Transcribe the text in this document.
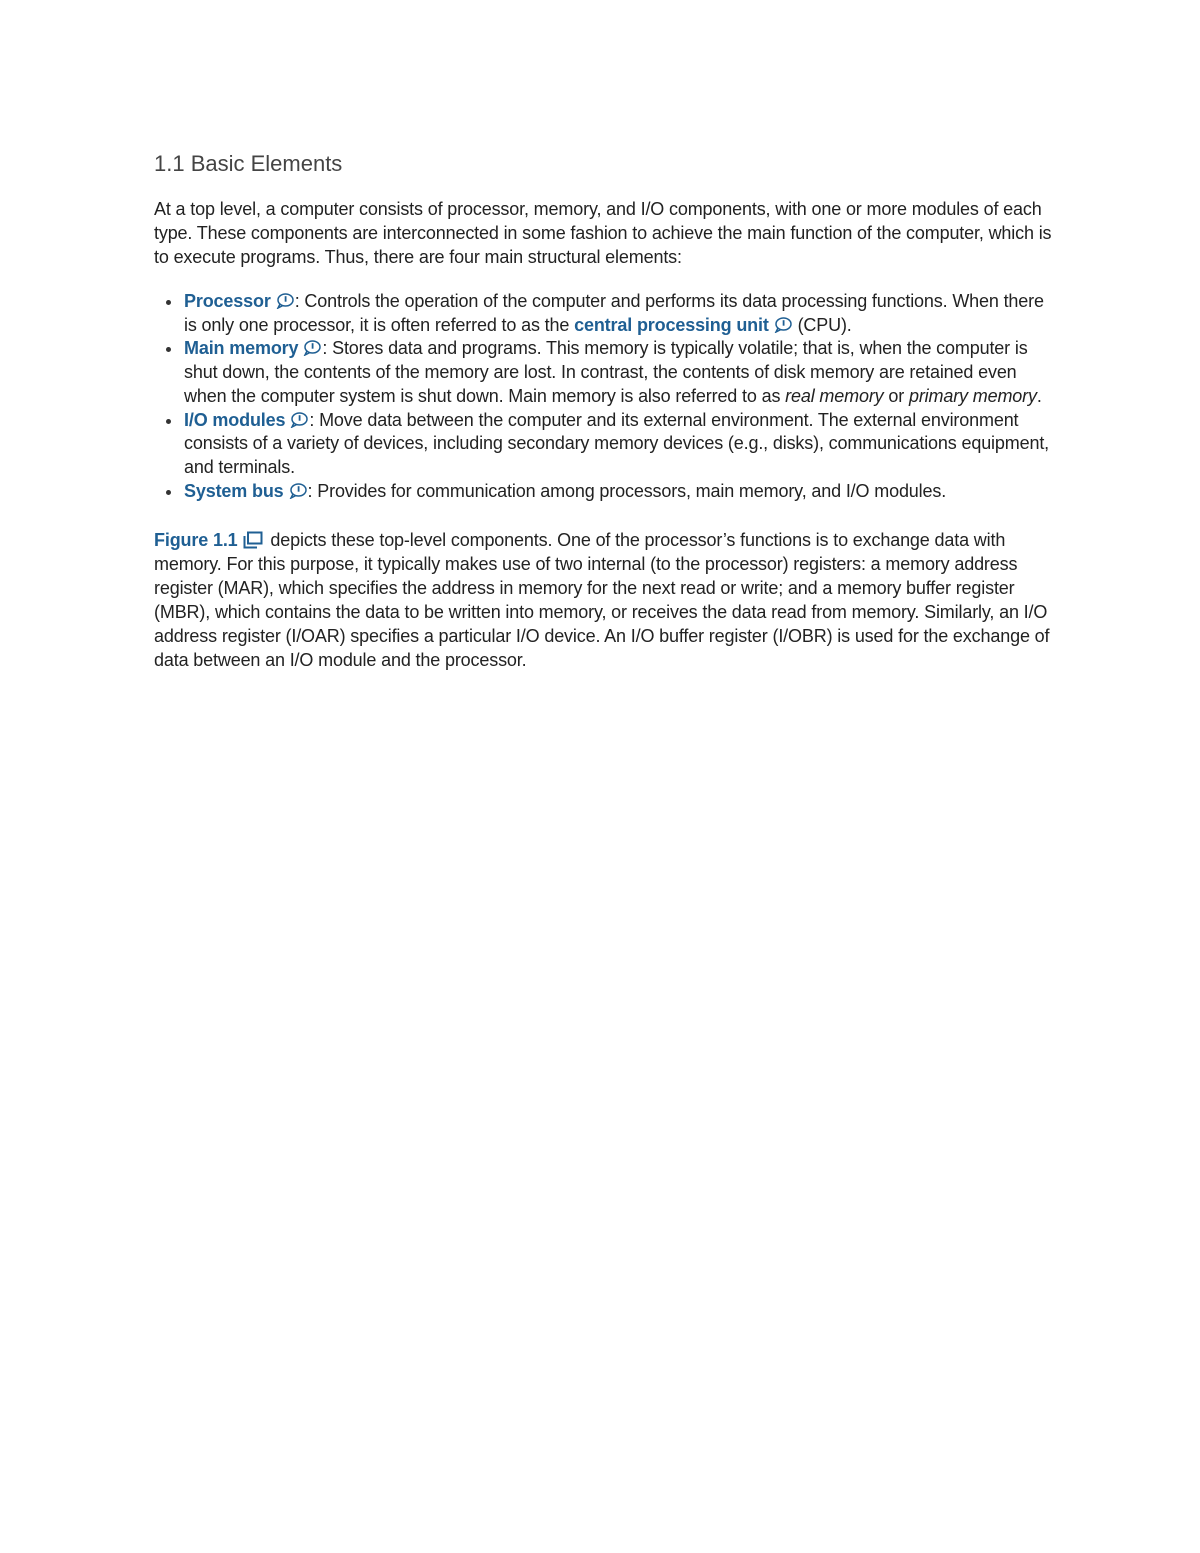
1.1 Basic Elements

At a top level, a computer consists of processor, memory, and I/O components, with one or more modules of each type. These components are interconnected in some fashion to achieve the main function of the computer, which is to execute programs. Thus, there are four main structural elements:

Processor : Controls the operation of the computer and performs its data processing functions. When there is only one processor, it is often referred to as the central processing unit (CPU).
Main memory : Stores data and programs. This memory is typically volatile; that is, when the computer is shut down, the contents of the memory are lost. In contrast, the contents of disk memory are retained even when the computer system is shut down. Main memory is also referred to as real memory or primary memory.
I/O modules : Move data between the computer and its external environment. The external environment consists of a variety of devices, including secondary memory devices (e.g., disks), communications equipment, and terminals.
System bus : Provides for communication among processors, main memory, and I/O modules.

Figure 1.1 depicts these top-level components. One of the processor’s functions is to exchange data with memory. For this purpose, it typically makes use of two internal (to the processor) registers: a memory address register (MAR), which specifies the address in memory for the next read or write; and a memory buffer register (MBR), which contains the data to be written into memory, or receives the data read from memory. Similarly, an I/O address register (I/OAR) specifies a particular I/O device. An I/O buffer register (I/OBR) is used for the exchange of data between an I/O module and the processor.
